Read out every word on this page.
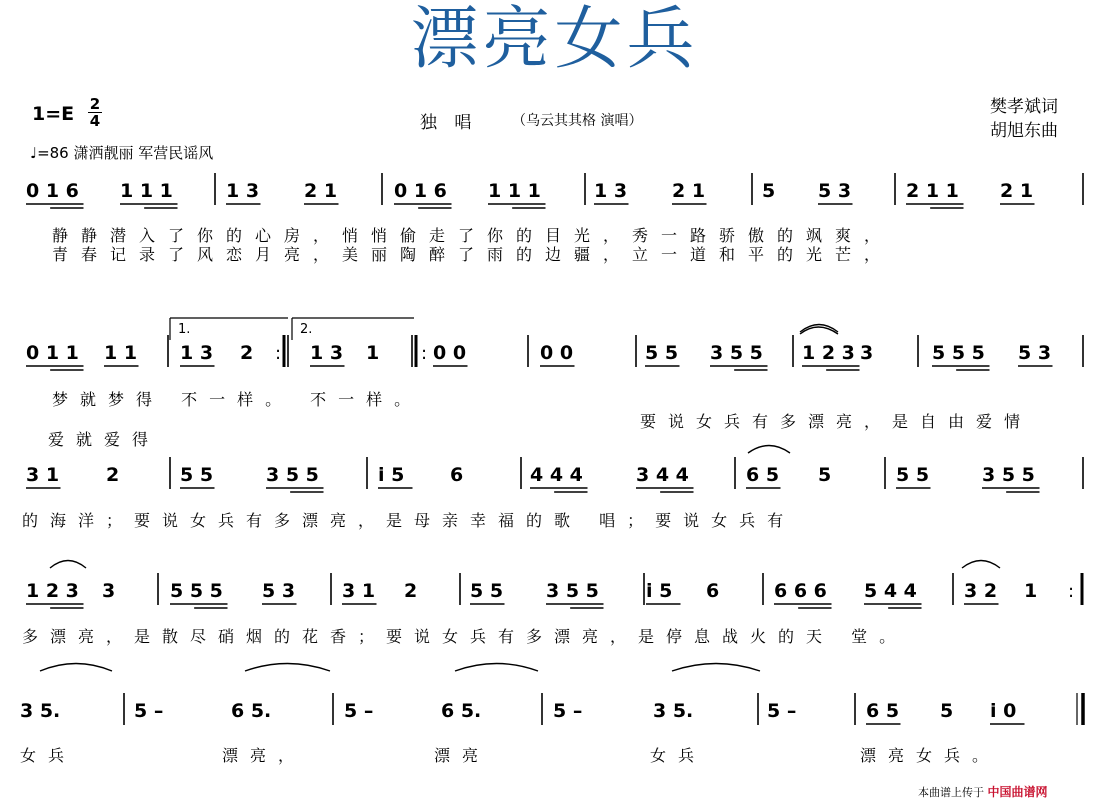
漂亮女兵
1=E 2
4	独 唱 （乌云其其格 演唱）
樊孝斌词
胡旭东曲
♩=86 潇洒靓丽 军营民谣风
0 1 6 1 1 1	1 3 2 1	0 1 6 1 1 1	1 3 2 1	5 5 3	2 1 1 2 1
静静潜入了你的心房，悄悄偷走了你的目光，秀一路骄傲的飒爽，
青春记录了风恋月亮，美丽陶醉了雨的边疆，立一道和平的光芒，
0 1 1 1 1 1 3 2	1 3 1	0 0	0 0	5 5 3 5 5 1 2 3 3	5 5 5 5 3
梦就梦得 不一样。 不一样。
要说女兵有多漂亮，是自由爱情
爱就爱得
3 1 2	5 5	3 5 5	i 5 6	4 4 4	3 4 4	6 5 5	5 5	3 5 5
的海洋；要说女兵有多漂亮，是母亲幸福的歌 唱；要说女兵有
1 2 3 3	5 5 5 5 3 3 1 2	5 5 3 5 5 i 5 6	6 6 6 5 4 4 3 2 1
多漂亮，是散尽硝烟的花香；要说女兵有多漂亮，是停息战火的天 堂。
3 5.	5 –	6 5.	5 –	6 5.	5 –	3 5.	5 –	6 5 5 i 0
女兵	漂亮，	漂亮	女兵	漂亮女兵。
1.	2.
:	:
:
本曲谱上传于 中国曲谱网
